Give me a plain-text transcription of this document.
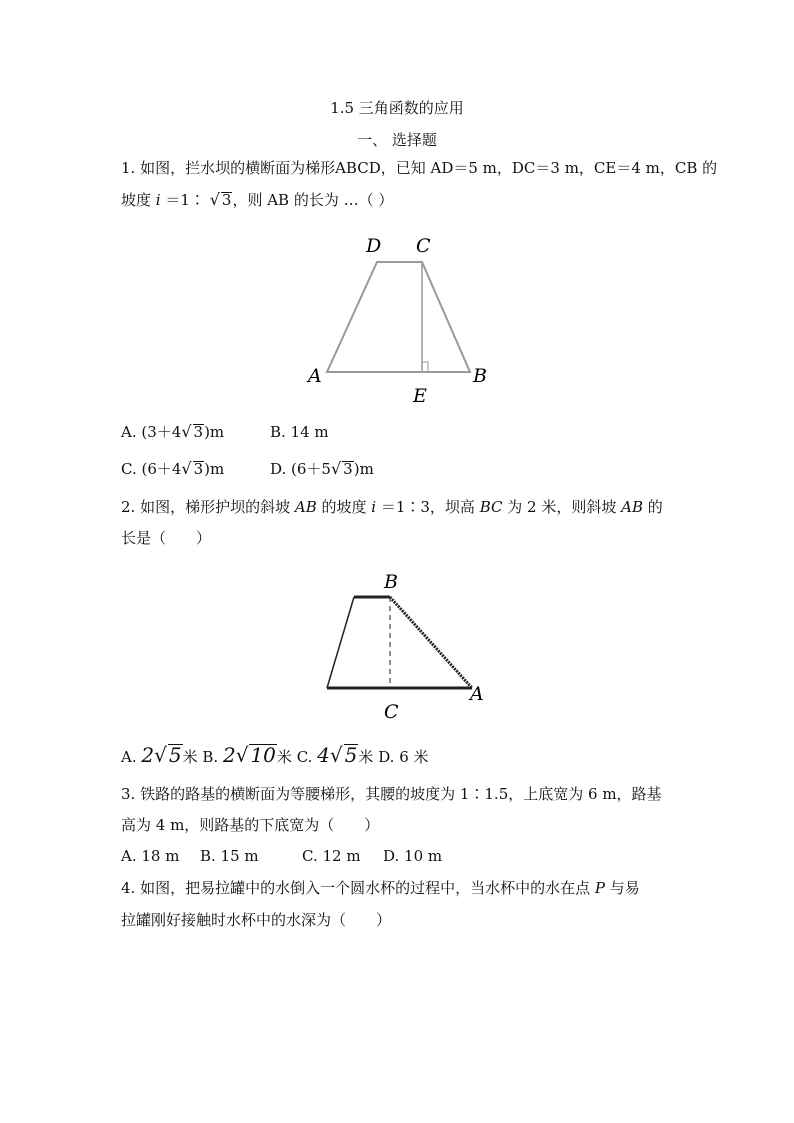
1.5 三角函数的应用
一、 选择题
1. 如图，拦水坝的横断面为梯形ABCD，已知 AD＝5 m，DC＝3 m，CE＝4 m，CB 的
坡度 i ＝1∶ √ 3，则 AB 的长为 …（ ）
D C
A	B
E
A. (3＋4√ 3)m	B. 14 m
C. (6＋4√ 3)m	D. (6＋5√ 3)m
2. 如图，梯形护坝的斜坡 AB 的坡度 i ＝1∶3，坝高 BC 为 2 米，则斜坡 AB 的
长是（　　）
B
C
A
A. 2√ 5米 B. 2√ 10米 C. 4√ 5米 D. 6 米
3. 铁路的路基的横断面为等腰梯形，其腰的坡度为 1∶1.5，上底宽为 6 m，路基
高为 4 m，则路基的下底宽为（　　）
A. 18 m B. 15 m	C. 12 m D. 10 m
4. 如图，把易拉罐中的水倒入一个圆水杯的过程中，当水杯中的水在点 P 与易
拉罐刚好接触时水杯中的水深为（　　）
